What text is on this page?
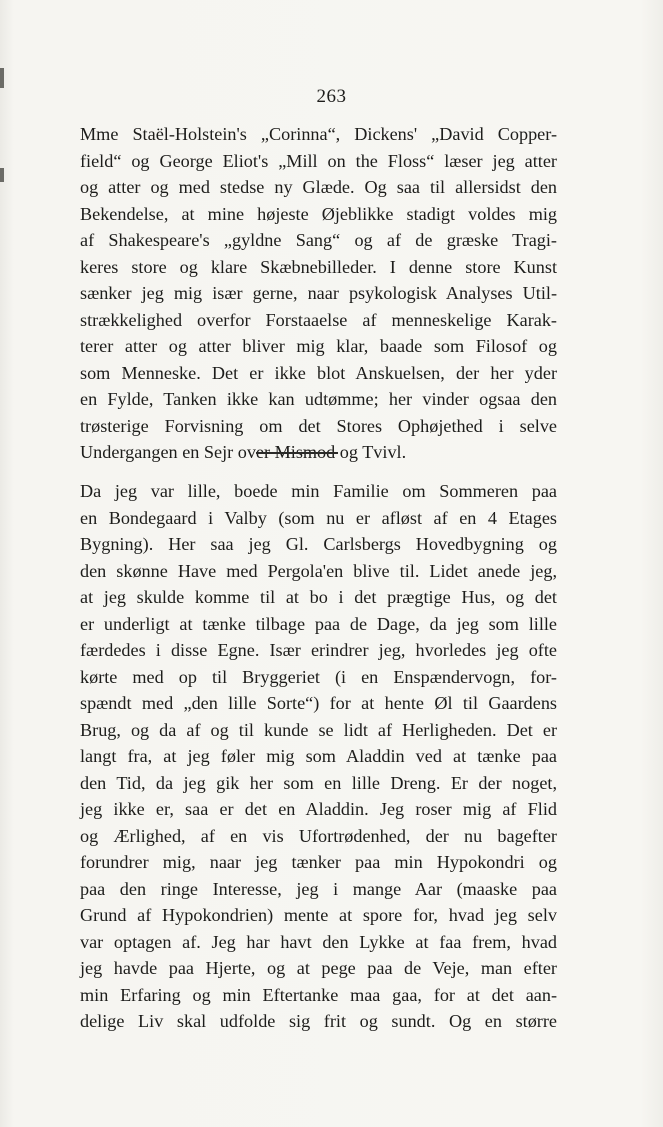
263
Mme Staël-Holstein's „Corinna“, Dickens' „David Copper-
field“ og George Eliot's „Mill on the Floss“ læser jeg atter
og atter og med stedse ny Glæde. Og saa til allersidst den
Bekendelse, at mine højeste Øjeblikke stadigt voldes mig
af Shakespeare's „gyldne Sang“ og af de græske Tragi-
keres store og klare Skæbnebilleder. I denne store Kunst
sænker jeg mig især gerne, naar psykologisk Analyses Util-
strækkelighed overfor Forstaaelse af menneskelige Karak-
terer atter og atter bliver mig klar, baade som Filosof og
som Menneske. Det er ikke blot Anskuelsen, der her yder
en Fylde, Tanken ikke kan udtømme; her vinder ogsaa den
trøsterige Forvisning om det Stores Ophøjethed i selve
Undergangen en Sejr over Mismod og Tvivl.
Da jeg var lille, boede min Familie om Sommeren paa
en Bondegaard i Valby (som nu er afløst af en 4 Etages
Bygning). Her saa jeg Gl. Carlsbergs Hovedbygning og
den skønne Have med Pergola'en blive til. Lidet anede jeg,
at jeg skulde komme til at bo i det prægtige Hus, og det
er underligt at tænke tilbage paa de Dage, da jeg som lille
færdedes i disse Egne. Især erindrer jeg, hvorledes jeg ofte
kørte med op til Bryggeriet (i en Enspændervogn, for-
spændt med „den lille Sorte“) for at hente Øl til Gaardens
Brug, og da af og til kunde se lidt af Herligheden. Det er
langt fra, at jeg føler mig som Aladdin ved at tænke paa
den Tid, da jeg gik her som en lille Dreng. Er der noget,
jeg ikke er, saa er det en Aladdin. Jeg roser mig af Flid
og Ærlighed, af en vis Ufortrødenhed, der nu bagefter
forundrer mig, naar jeg tænker paa min Hypokondri og
paa den ringe Interesse, jeg i mange Aar (maaske paa
Grund af Hypokondrien) mente at spore for, hvad jeg selv
var optagen af. Jeg har havt den Lykke at faa frem, hvad
jeg havde paa Hjerte, og at pege paa de Veje, man efter
min Erfaring og min Eftertanke maa gaa, for at det aan-
delige Liv skal udfolde sig frit og sundt. Og en større
